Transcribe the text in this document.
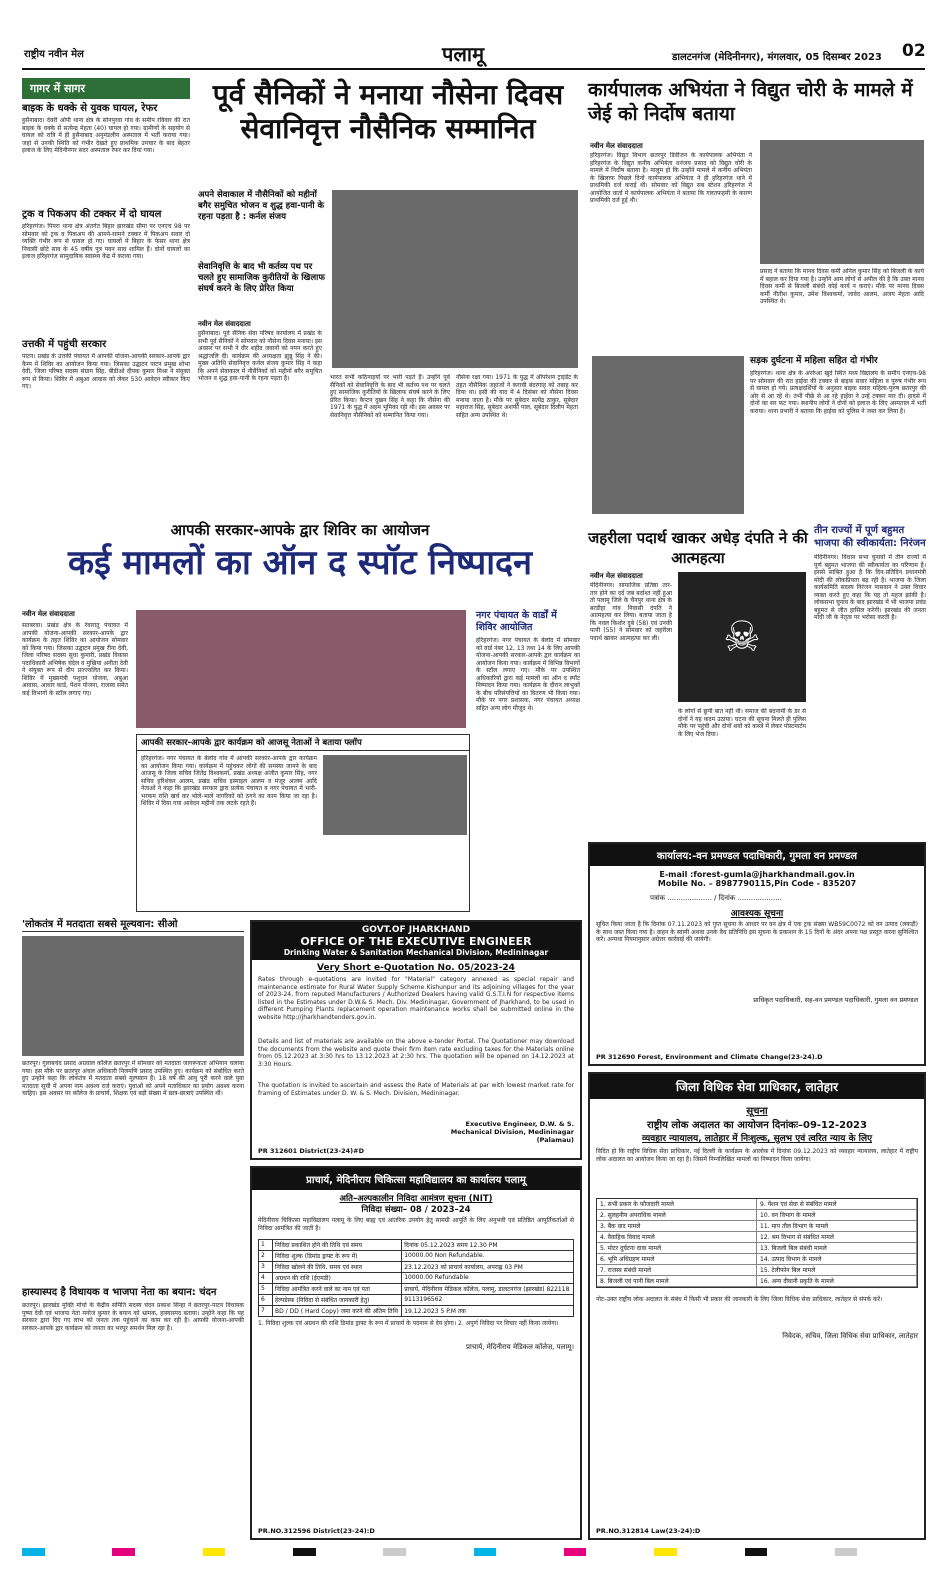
राष्ट्रीय नवीन मेल	पलामू	डालटनगंज (मेदिनीनगर), मंगलवार, 05 दिसम्बर 2023 02
गागर में सागर
बाइक के धक्के से युवक घायल, रेफर
हुसैनाबाद। देवरी ओपी थाना क्षेत्र के सोनपुरवा गांव के समीप रविवार की रात बाइक के धक्के से सत्येन्द्र मेहता (40) घायल हो गया। ग्रामीणों के सहयोग से घायल को रात्रि में ही हुसैनाबाद अनुमंडलीय अस्पताल में भर्ती कराया गया। जहां से उनकी स्थिति को गंभीर देखते हुए प्राथमिक उपचार के बाद बेहतर इलाज के लिए मेदिनीनगर सदर अस्पताल रेफर कर दिया गया।
ट्रक व पिकअप की टक्कर में दो घायल
हरिहरगंज। पिपरा थाना क्षेत्र अंतर्गत बिहार झारखंड सीमा पर एनएच 98 पर सोमवार को ट्रक व पिकअप की आमने-सामने टक्कर में पिकअप सवार दो व्यक्ति गंभीर रूप से घायल हो गए। घायलों में बिहार के फेसर थाना क्षेत्र निवासी छोटे साव के 45 वर्षीय पुत्र पवन साव शामिल हैं। दोनों घायलों का इलाज हरिहरगंज सामुदायिक स्वास्थ्य केंद्र में कराया गया।
उत्तकी में पहुंची सरकार
पाटन। प्रखंड के उत्तकी पंचायत में आपकी योजना-आपकी सरकार-आपके द्वार कैम्प में शिविर का आयोजन किया गया। जिसका उद्घाटन पाटन प्रमुख शोभा देवी, जिला परिषद सदस्य संग्राम सिंह, बीडीओ दीपक कुमार मिश्रा ने संयुक्त रूप से किया। शिविर में अबुआ आवास को लेकर 530 आवेदन स्वीकार किए गए।
पूर्व सैनिकों ने मनाया नौसेना दिवस
सेवानिवृत्त नौसैनिक सम्मानित
अपने सेवाकाल में नौसैनिकों को महीनों बगैर समुचित भोजन व शुद्ध हवा-पानी के रहना पड़ता है : कर्नल संजय
सेवानिवृत्ति के बाद भी कर्तव्य पथ पर चलते हुए सामाजिक कुरीतियों के खिलाफ संघर्ष करने के लिए प्रेरित किया
नवीन मेल संवाददाता
हुसैनाबाद। पूर्व सैनिक सेवा परिषद कार्यालय में प्रखंड के सभी पूर्व सैनिकों ने सोमवार को नौसेना दिवस मनाया। इस अवसर पर सभी ने वीर शहीद जवानों को नमन करते हुए श्रद्धांजलि दी। कार्यक्रम की अध्यक्षता झुन्नू सिंह ने की। मुख्य अतिथि सेवानिवृत्त कर्नल संजय कुमार सिंह ने कहा कि अपने सेवाकाल में नौसैनिकों को महीनों बगैर समुचित भोजन व शुद्ध हवा-पानी के रहना पड़ता है।	भारत सभी कठिनाइयों पर भारी पड़ते हैं। उन्होंने पूर्व सैनिकों को सेवानिवृत्ति के बाद भी कर्तव्य पथ पर चलते हुए सामाजिक कुरीतियों के खिलाफ संघर्ष करने के लिए प्रेरित किया। कैप्टन दुखन सिंह ने कहा कि नौसेना की 1971 के युद्ध में अहम भूमिका रही थी। इस अवसर पर सेवानिवृत्त नौसैनिकों को सम्मानित किया गया।
नौसेना रक्षा गया। 1971 के युद्ध में ऑपरेशन ट्राइडेंट के तहत नौसैनिक जहाजों ने कराची बंदरगाह को तबाह कर दिया था। इसी की याद में 4 दिसंबर को नौसेना दिवस मनाया जाता है। मौके पर सूबेदार सत्येंद्र ठाकुर, सूबेदार महाराज सिंह, सूबेदार अशर्फी पाल, सूबेदार दिलीप मेहता सहित अन्य उपस्थित थे।
कार्यपालक अभियंता ने विद्युत चोरी के मामले में जेई को निर्दोष बताया
नवीन मेल संवाददाता
हरिहरगंज। विद्युत विभाग छतरपुर डिवीजन के कार्यपालक अभियंता ने हरिहरगंज के विद्युत कनीय अभियंता धनंजय प्रसाद को विद्युत चोरी के मामले में निर्दोष बताया है। मालूम हो कि उन्होंने मामले में कनीय अभियंता के खिलाफ पिछले दिनों कार्यपालक अभियंता ने ही हरिहरगंज थाने में प्राथमिकी दर्ज कराई थी। सोमवार को विद्युत सब स्टेशन हरिहरगंज में आयोजित वार्ता में कार्यपालक अभियंता ने बताया कि गलतफहमी के कारण प्राथमिकी दर्ज हुई थी।
प्रसाद ने बताया कि मानव दिवस कर्मी अनिल कुमार सिंह को बिजली के कार्य में बहाल कर दिया गया है। उन्होंने आम लोगों से अपील की है कि उक्त मानव दिवस कर्मी से बिजली संबंधी कोई कार्य न कराएं। मौके पर मानव दिवस कर्मी नीतीश कुमार, उमेश विश्वकर्मा, जावेद आलम, अजय मेहता आदि उपस्थित थे।
सड़क दुर्घटना में महिला सहित दो गंभीर
हरिहरगंज। थाना क्षेत्र के अरर्रुआ खुर्द स्थित मध्य विद्यालय के समीप एनएच-98 पर सोमवार की रात हाईवा की टक्कर से बाइक सवार महिला व पुरुष गंभीर रूप से घायल हो गये। प्रत्यक्षदर्शियों के अनुसार बाइक सवार महिला-पुरुष छतरपुर की ओर से आ रहे थे। तभी पीछे से आ रहे हाईवा ने उन्हें टक्कर मार दी। हादसे में दोनों का सर फट गया। स्थानीय लोगों ने दोनों को इलाज के लिए अस्पताल में भर्ती कराया। थाना प्रभारी ने बताया कि हाईवा को पुलिस ने जब्त कर लिया है।
आपकी सरकार-आपके द्वार शिविर का आयोजन
कई मामलों का ऑन द स्पॉट निष्पादन
नवीन मेल संवाददाता
सतबरवा। प्रखंड क्षेत्र के रेवारातु पंचायत में आपकी योजना-आपकी सरकार-आपके द्वार कार्यक्रम के तहत शिविर का आयोजन सोमवार को किया गया। जिसका उद्घाटन प्रमुख रीना देवी, जिला परिषद सदस्य सुधा कुमारी, प्रखंड विकास पदाधिकारी अभिषेक चंदेल व मुखिया अनीता देवी ने संयुक्त रूप से दीप प्रज्ज्वलित कर किया। शिविर में मुख्यमंत्री पशुधन योजना, अबुआ आवास, आधार कार्ड, पेंशन योजना, राजस्व समेत कई विभागों के स्टॉल लगाए गए।
आपकी सरकार-आपके द्वार कार्यक्रम को आजसू नेताओं ने बताया फ्लॉप
हरिहरगंज। नगर पंचायत के बेलोद गांव में आपकी सरकार-आपके द्वार कार्यक्रम का आयोजन किया गया। कार्यक्रम में पहुंचकर लोगों की समस्या जानने के बाद आजसू के जिला सचिव जितेंद्र विश्वकर्मा, प्रखंड अध्यक्ष अजीत कुमार सिंह, नगर सचिव हरिशंकर आलम, प्रखंड सचिव इस्माइल आलम व मंजूर आलम आदि नेताओं ने कहा कि झारखंड सरकार द्वारा प्रत्येक पंचायत व नगर पंचायत में भारी-भरकम राशि खर्च कर भोले-भाले नागरिकों को ठगने का काम किया जा रहा है। शिविर में दिया गया आवेदन महीनों तक लटके रहते हैं।
नगर पंचायत के वार्डों में शिविर आयोजित
हरिहरगंज। नगर पंचायत के बेलोद में सोमवार को वार्ड नंबर 12, 13 तथा 14 के लिए आपकी योजना-आपकी सरकार-आपके द्वार कार्यक्रम का आयोजन किया गया। कार्यक्रम में विभिन्न विभागों के स्टॉल लगाए गए। मौके पर उपस्थित अधिकारियों द्वारा कई मामलों का ऑन द स्पॉट निष्पादन किया गया। कार्यक्रम के दौरान लाभुकों के बीच परिसंपत्तियों का वितरण भी किया गया। मौके पर नगर प्रशासक, नगर पंचायत अध्यक्ष सहित अन्य लोग मौजूद थे।
जहरीला पदार्थ खाकर अधेड़ दंपति ने की आत्महत्या
नवीन मेल संवाददाता
मेदिनीनगर। सामाजिक प्रतिष्ठा तार-तार होने का दर्द जब बर्दाश्त नहीं हुआ तो पलामू जिले के चैनपुर थाना क्षेत्र के बरडीहा गांव निवासी दंपति ने आत्महत्या कर लिया। बताया जाता है कि नवल किशोर दुबे (58) एवं उनकी पत्नी (55) ने सोमवार को जहरीला पदार्थ खाकर आत्महत्या कर ली।	☠
के लोगों से छुपी बात नहीं थी। समाज की बदनामी के डर से दोनों ने यह कदम उठाया। घटना की सूचना मिलते ही पुलिस मौके पर पहुंची और दोनों शवों को कब्जे में लेकर पोस्टमार्टम के लिए भेज दिया।
तीन राज्यों में पूर्ण बहुमत भाजपा की स्वीकार्यता: निरंजन
मेदिनीनगर। विधान सभा चुनावों में तीन राज्यों में पूर्ण बहुमत भाजपा की स्वीकार्यता का परिणाम है। इससे साबित हुआ है कि दिन-प्रतिदिन प्रधानमंत्री मोदी की लोकप्रियता बढ़ रही है। भाजपा के जिला कार्यसमिति सदस्य निरंजन पासवान ने उक्त विचार व्यक्त करते हुए कहा कि यह तो महज झांकी है। लोकसभा चुनाव के बाद झारखंड में भी भाजपा प्रचंड बहुमत से जीत हासिल करेगी। झारखंड की जनता मोदी जी के नेतृत्व पर भरोसा करती है।
कार्यालय:-वन प्रमण्डल पदाधिकारी, गुमला वन प्रमण्डल
E-mail :forest-gumla@jharkhandmail.gov.in
Mobile No. – 8987790115,Pin Code - 835207
पत्रांक .................... / दिनांक ....................
आवश्यक सूचना
सूचित किया जाता है कि दिनांक 07.11.2023 को गुप्त सूचना के आधार पर वन क्षेत्र में एक ट्रक संख्या WB59C0072 को वन उत्पाद (लकड़ी) के साथ जब्त किया गया है। वाहन के स्वामी अथवा उनके वैध प्रतिनिधि इस सूचना के प्रकाशन के 15 दिनों के अंदर अपना पक्ष प्रस्तुत करना सुनिश्चित करें। अन्यथा नियमानुसार अग्रेत्तर कार्रवाई की जायेगी।
प्राधिकृत पदाधिकारी, सह-वन प्रमण्डल पदाधिकारी, गुमला वन प्रमण्डल
PR 312690 Forest, Environment and Climate Change(23-24).D
जिला विधिक सेवा प्राधिकार, लातेहार
सूचना
राष्ट्रीय लोक अदालत का आयोजन दिनांकः–09-12-2023
व्यवहार न्यायालय, लातेहार में निःशुल्क, सुलभ एवं त्वरित न्याय के लिए
विदित हो कि राष्ट्रीय विधिक सेवा प्राधिकार, नई दिल्ली के कार्यक्रम के आलोक में दिनांक 09.12.2023 को व्यवहार न्यायालय, लातेहार में राष्ट्रीय लोक अदालत का आयोजन किया जा रहा है। जिसमें निम्नलिखित मामलों का निष्पादन किया जायेगा।
1. सभी प्रकार के फौजदारी मामले	9. पेंशन एवं सेवा से संबंधित मामले
2. सुलहनीय अपराधिक मामले	10. वन विभाग के मामले
3. बैंक वाद मामले	11. माप तौल विभाग के मामले
4. वैवाहिक विवाद मामले	12. श्रम विभाग से संबंधित मामले
5. मोटर दुर्घटना दावा मामले	13. बिजली बिल संबंधी मामले
6. भूमि अधिग्रहण मामले	14. उत्पाद विभाग के मामले
7. राजस्व संबंधी मामले	15. टेलीफोन बिल मामले
8. बिजली एवं पानी बिल मामले	16. अन्य दीवानी प्रकृति के मामले
नोट–उक्त राष्ट्रीय लोक अदालत के संबंध में किसी भी प्रकार की जानकारी के लिए जिला विधिक सेवा प्राधिकार, लातेहार से संपर्क करें।
निवेदक, सचिव, जिला विधिक सेवा प्राधिकार, लातेहार
PR.NO.312814 Law(23-24):D
'लोकतंत्र में मतदाता सबसे मूल्यवान: सीओ
छतरपुर। गुलाबचंद प्रसाद अग्रवाल कॉलेज छतरपुर में सोमवार को मतदाता जागरूकता अभियान चलाया गया। इस मौके पर छतरपुर अंचल अधिकारी निलमणि प्रसाद उपस्थित हुए। कार्यक्रम को संबोधित करते हुए उन्होंने कहा कि लोकतंत्र में मतदाता सबसे मूल्यवान है। 18 वर्ष की आयु पूरी करने वाले युवा मतदाता सूची में अपना नाम अवश्य दर्ज कराएं। युवाओं को अपने मताधिकार का प्रयोग अवश्य करना चाहिए। इस अवसर पर कॉलेज के प्राचार्य, शिक्षक एवं बड़ी संख्या में छात्र-छात्राएं उपस्थित थीं।
हास्यास्पद है विधायक व भाजपा नेता का बयान: चंदन
छतरपुर। झारखंड मुक्ति मोर्चा के केंद्रीय समिति सदस्य चंदन प्रकाश सिन्हा ने छतरपुर-पाटन विधायक पुष्पा देवी एवं भाजपा नेता मनोज कुमार के बयान को भ्रामक, हास्यास्पद बताया। उन्होंने कहा कि यह सरकार द्वारा दिए गए लाभ को जनता तक पहुंचाने का काम कर रही है। आपकी योजना-आपकी सरकार-आपके द्वार कार्यक्रम को जनता का भरपूर समर्थन मिल रहा है।
GOVT.OF JHARKHAND
OFFICE OF THE EXECUTIVE ENGINEER
Drinking Water & Sanitation Mechanical Division, Medininagar
Very Short e-Quotation No. 05/2023-24
Rates through e-quotations are invited for "Material" category annexed as special repair and maintenance estimate for Rural Water Supply Scheme Kishunpur and its adjoining villages for the year of 2023-24, from reputed Manufacturers / Authorized Dealers having valid G.S.T.I.N for respective items listed in the Estimates under D.W.& S. Mech. Div. Medininagar, Government of Jharkhand, to be used in different Pumping Plants replacement operation maintenance works shall be submitted online in the website http://jharkhandtenders.gov.in.
Details and list of materials are available on the above e-tender Portal. The Quotationer may download the documents from the website and quote their firm item rate excluding taxes for the Materials online from 05.12.2023 at 3:30 hrs to 13.12.2023 at 2:30 hrs. The quotation will be opened on 14.12.2023 at 3:30 Hours.
The quotation is invited to ascertain and assess the Rate of Materials at par with lowest market rate for framing of Estimates under D. W. & S. Mech. Division, Medininagar.
Executive Engineer, D.W. & S. Mechanical Division, Medininagar (Palamau)
PR 312601 District(23-24)#D
प्राचार्य, मेदिनीराय चिकित्सा महाविद्यालय का कार्यालय पलामू
अति–अल्पकालीन निविदा आमंत्रण सूचना (NIT)
निविदा संख्या– 08 / 2023–24
मेदिनीराय चिकित्सा महाविद्यालय पलामू के लिए बाह्य एवं आंतरिक उपयोग हेतु सामग्री आपूर्ति के लिए अनुभवी एवं प्रतिष्ठित आपूर्तिकर्ताओं से निविदा आमंत्रित की जाती है।
1	निविदा प्रकाशित होने की तिथि एवं समय	दिनांक 05.12.2023 समय 12.30 PM
2	निविदा शुल्क (डिमांड ड्राफ्ट के रूप में)	10000.00 Non Refundable.
3	निविदा खोलने की तिथि, समय एवं स्थान	23.12.2023 को प्राचार्य कार्यालय, अपराह्न 03 PM
4	अग्रधन की राशि (ईएमडी)	10000.00 Refundable
5	निविदा आमंत्रित करने वाले का नाम एवं पता	प्राचार्य, मेदिनीराय मेडिकल कॉलेज, पलामू, डालटनगंज (झारखंड) 822118
6	हेल्पडेस्क (निविदा से संबंधित जानकारी हेतु)	9113196562
7	BD / DD ( Hard Copy) जमा करने की अंतिम तिथि	19.12.2023 5 P.M तक
1. निविदा शुल्क एवं अग्रधन की राशि डिमांड ड्राफ्ट के रूप में प्राचार्य के पदनाम से देय होगा। 2. अपूर्ण निविदा पर विचार नहीं किया जायेगा।
प्राचार्य, मेदिनीराय मेडिकल कॉलेज, पलामू।
PR.NO.312596 District(23-24):D
